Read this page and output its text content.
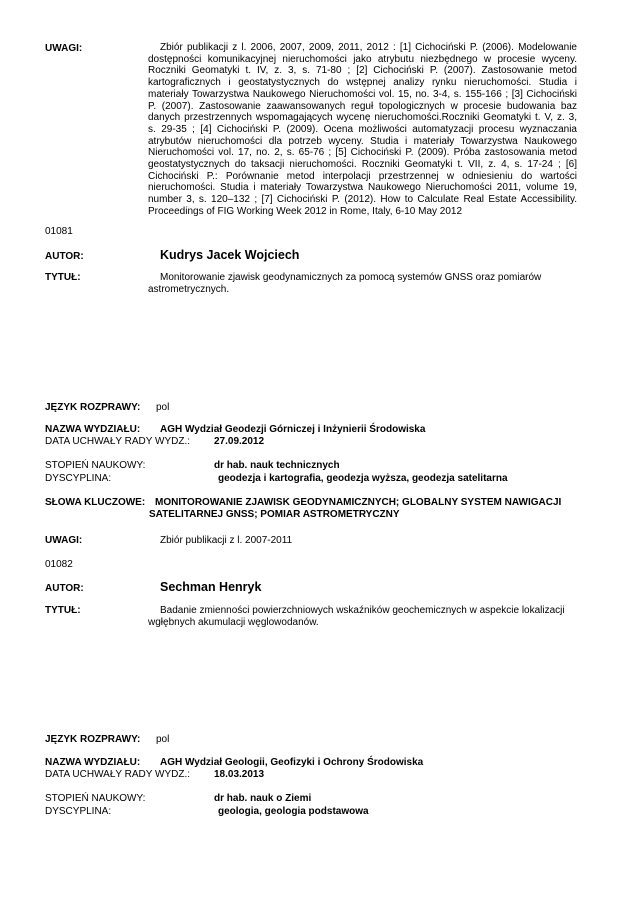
UWAGI:	Zbiór publikacji z l. 2006, 2007, 2009, 2011, 2012 : [1] Cichociński P. (2006). Modelowanie dostępności komunikacyjnej nieruchomości jako atrybutu niezbędnego w procesie wyceny. Roczniki Geomatyki t. IV, z. 3, s. 71-80 ; [2] Cichociński P. (2007). Zastosowanie metod kartograficznych i geostatystycznych do wstępnej analizy rynku nieruchomości. Studia i materiały Towarzystwa Naukowego Nieruchomości vol. 15, no. 3-4, s. 155-166 ; [3] Cichociński P. (2007). Zastosowanie zaawansowanych reguł topologicznych w procesie budowania baz danych przestrzennych wspomagających wycenę nieruchomości.Roczniki Geomatyki t. V, z. 3, s. 29-35 ; [4] Cichociński P. (2009). Ocena możliwości automatyzacji procesu wyznaczania atrybutów nieruchomości dla potrzeb wyceny. Studia i materiały Towarzystwa Naukowego Nieruchomości vol. 17, no. 2, s. 65-76 ; [5] Cichociński P. (2009). Próba zastosowania metod geostatystycznych do taksacji nieruchomości. Roczniki Geomatyki t. VII, z. 4, s. 17-24 ; [6] Cichociński P.: Porównanie metod interpolacji przestrzennej w odniesieniu do wartości nieruchomości. Studia i materiały Towarzystwa Naukowego Nieruchomości 2011, volume 19, number 3, s. 120–132 ; [7] Cichociński P. (2012). How to Calculate Real Estate Accessibility. Proceedings of FIG Working Week 2012 in Rome, Italy, 6-10 May 2012
01081
AUTOR:	Kudrys Jacek Wojciech
TYTUŁ:	Monitorowanie zjawisk geodynamicznych za pomocą systemów GNSS oraz pomiarów astrometrycznych.
JĘZYK ROZPRAWY: pol
NAZWA WYDZIAŁU: AGH Wydział Geodezji Górniczej i Inżynierii Środowiska
DATA UCHWAŁY RADY WYDZ.: 27.09.2012
STOPIEŃ NAUKOWY:	dr hab. nauk technicznych
DYSCYPLINA:	geodezja i kartografia, geodezja wyższa, geodezja satelitarna
SŁOWA KLUCZOWE: MONITOROWANIE ZJAWISK GEODYNAMICZNYCH; GLOBALNY SYSTEM NAWIGACJI
SATELITARNEJ GNSS; POMIAR ASTROMETRYCZNY
UWAGI:	Zbiór publikacji z l. 2007-2011
01082
AUTOR:	Sechman Henryk
TYTUŁ:	Badanie zmienności powierzchniowych wskaźników geochemicznych w aspekcie lokalizacji wgłębnych akumulacji węglowodanów.
JĘZYK ROZPRAWY: pol
NAZWA WYDZIAŁU: AGH Wydział Geologii, Geofizyki i Ochrony Środowiska
DATA UCHWAŁY RADY WYDZ.: 18.03.2013
STOPIEŃ NAUKOWY:	dr hab. nauk o Ziemi
DYSCYPLINA:	geologia, geologia podstawowa
